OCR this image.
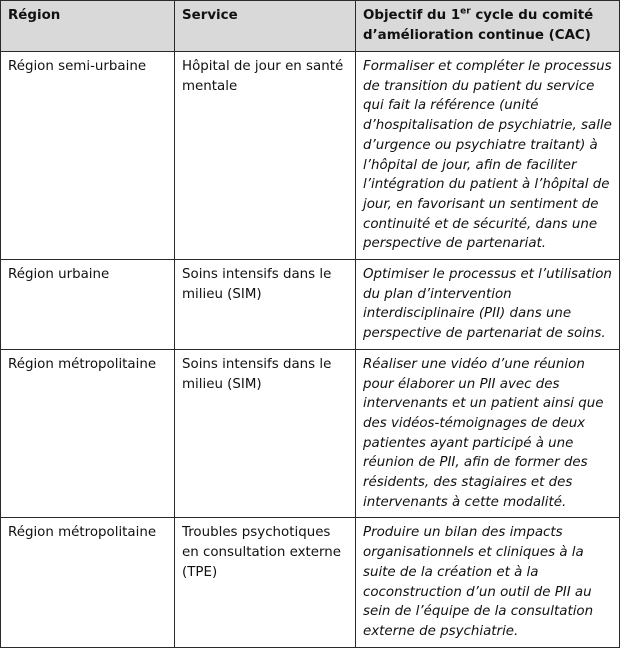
Région	Service	Objectif du 1er cycle du comité d’amélioration continue (CAC)
Région semi-urbaine	Hôpital de jour en santé mentale	Formaliser et compléter le processus de transition du patient du service qui fait la référence (unité d’hospitalisation de psychiatrie, salle d’urgence ou psychiatre traitant) à l’hôpital de jour, afin de faciliter l’intégration du patient à l’hôpital de jour, en favorisant un sentiment de continuité et de sécurité, dans une perspective de partenariat.
Région urbaine	Soins intensifs dans le milieu (SIM)	Optimiser le processus et l’utilisation du plan d’intervention interdisciplinaire (PII) dans une perspective de partenariat de soins.
Région métropolitaine	Soins intensifs dans le milieu (SIM)	Réaliser une vidéo d’une réunion pour élaborer un PII avec des intervenants et un patient ainsi que des vidéos-témoignages de deux patientes ayant participé à une réunion de PII, afin de former des résidents, des stagiaires et des intervenants à cette modalité.
Région métropolitaine	Troubles psychotiques en consultation externe (TPE)	Produire un bilan des impacts organisationnels et cliniques à la suite de la création et à la coconstruction d’un outil de PII au sein de l’équipe de la consultation externe de psychiatrie.
